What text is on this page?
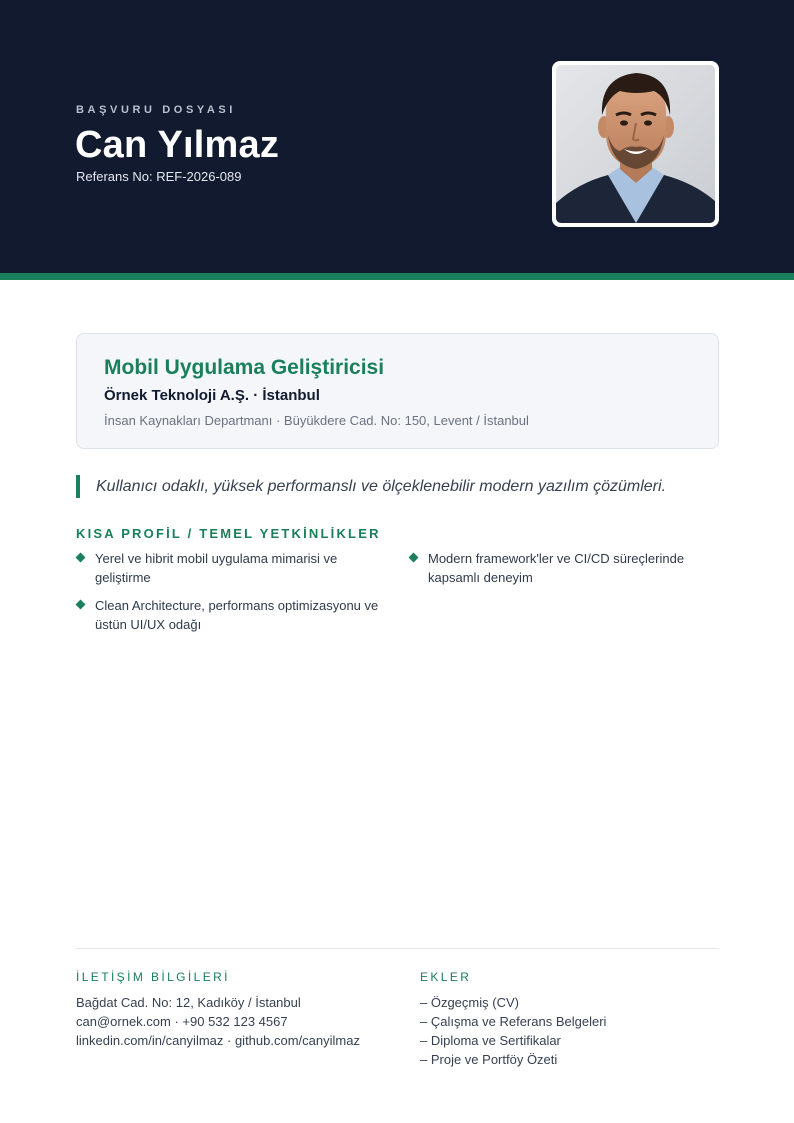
BAŞVURU DOSYASI
Can Yılmaz
Referans No: REF-2026-089
Mobil Uygulama Geliştiricisi
Örnek Teknoloji A.Ş. · İstanbul
İnsan Kaynakları Departmanı · Büyükdere Cad. No: 150, Levent / İstanbul
Kullanıcı odaklı, yüksek performanslı ve ölçeklenebilir modern yazılım çözümleri.
KISA PROFİL / TEMEL YETKİNLİKLER
Yerel ve hibrit mobil uygulama mimarisi ve geliştirme
Clean Architecture, performans optimizasyonu ve üstün UI/UX odağı
Modern framework'ler ve CI/CD süreçlerinde kapsamlı deneyim
İLETİŞİM BİLGİLERİ
Bağdat Cad. No: 12, Kadıköy / İstanbul
can@ornek.com · +90 532 123 4567
linkedin.com/in/canyilmaz · github.com/canyilmaz
EKLER
– Özgeçmiş (CV)
– Çalışma ve Referans Belgeleri
– Diploma ve Sertifikalar
– Proje ve Portföy Özeti
